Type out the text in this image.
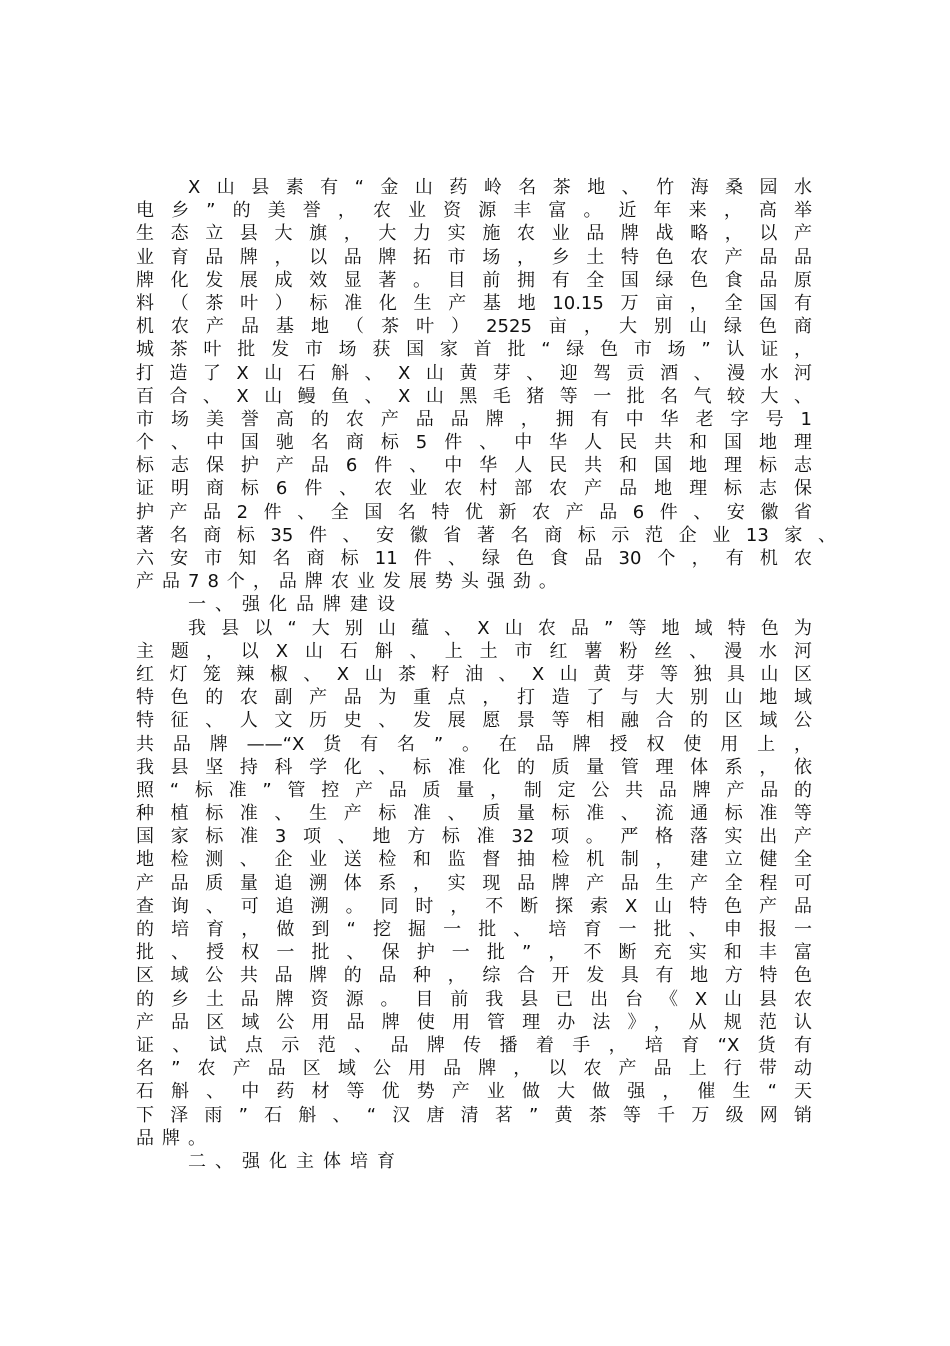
X山县素有“金山药岭名茶地、竹海桑园水
电乡”的美誉，农业资源丰富。近年来，高举
生态立县大旗，大力实施农业品牌战略，以产
业育品牌，以品牌拓市场，乡土特色农产品品
牌化发展成效显著。目前拥有全国绿色食品原
料（茶叶）标准化生产基地10.15万亩，全国有
机农产品基地（茶叶）2525亩，大别山绿色商
城茶叶批发市场获国家首批“绿色市场”认证，
打造了X山石斛、X山黄芽、迎驾贡酒、漫水河
百合、X山鳗鱼、X山黑毛猪等一批名气较大、
市场美誉高的农产品品牌，拥有中华老字号1
个、中国驰名商标5件、中华人民共和国地理
标志保护产品6件、中华人民共和国地理标志
证明商标6件、农业农村部农产品地理标志保
护产品2件、全国名特优新农产品6件、安徽省
著名商标35件、安徽省著名商标示范企业13家、
六安市知名商标11件、绿色食品30个，有机农
产品78个，品牌农业发展势头强劲。
一、强化品牌建设
我县以“大别山蕴、X山农品”等地域特色为
主题，以X山石斛、上土市红薯粉丝、漫水河
红灯笼辣椒、X山茶籽油、X山黄芽等独具山区
特色的农副产品为重点，打造了与大别山地域
特征、人文历史、发展愿景等相融合的区域公
共品牌——“X货有名”。在品牌授权使用上，
我县坚持科学化、标准化的质量管理体系，依
照“标准”管控产品质量，制定公共品牌产品的
种植标准、生产标准、质量标准、流通标准等
国家标准3项、地方标准32项。严格落实出产
地检测、企业送检和监督抽检机制，建立健全
产品质量追溯体系，实现品牌产品生产全程可
查询、可追溯。同时，不断探索X山特色产品
的培育，做到“挖掘一批、培育一批、申报一
批、授权一批、保护一批”，不断充实和丰富
区域公共品牌的品种，综合开发具有地方特色
的乡土品牌资源。目前我县已出台《X山县农
产品区域公用品牌使用管理办法》，从规范认
证、试点示范、品牌传播着手，培育“X货有
名”农产品区域公用品牌，以农产品上行带动
石斛、中药材等优势产业做大做强，催生“天
下泽雨”石斛、“汉唐清茗”黄茶等千万级网销
品牌。
二、强化主体培育
